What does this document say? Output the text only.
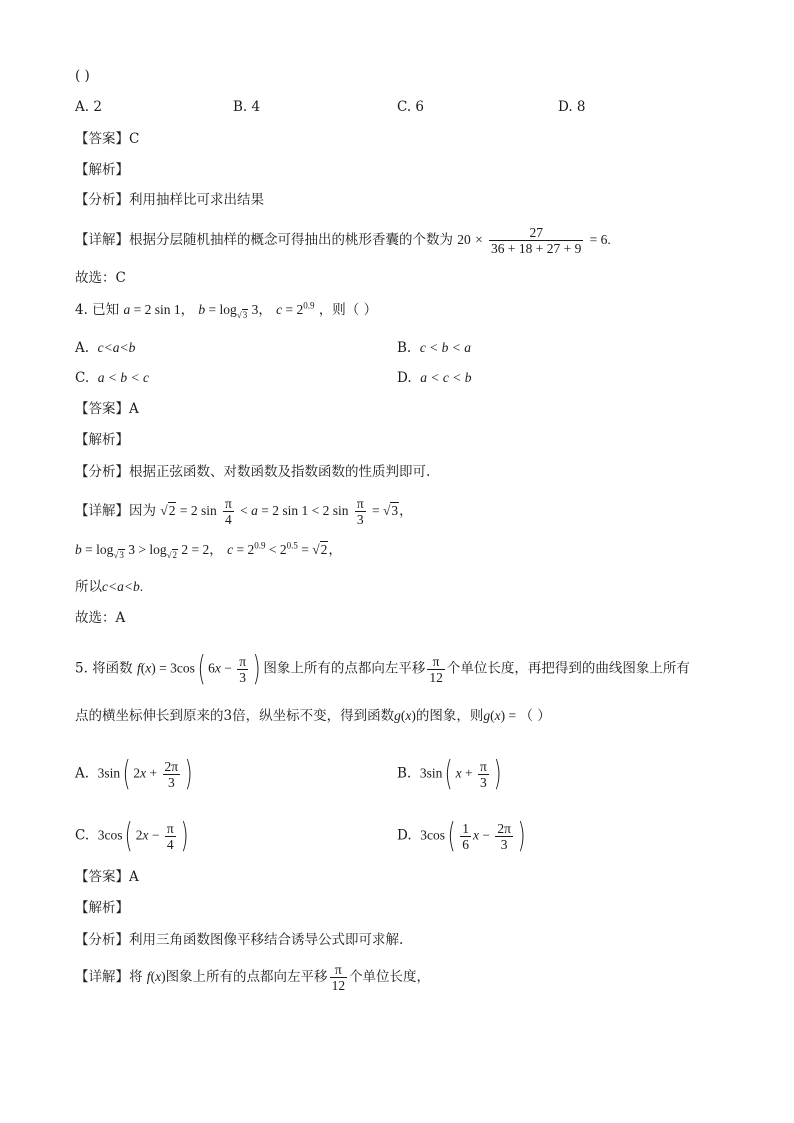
( )
A. 2	B. 4	C. 6	D. 8
【答案】C
【解析】
【分析】利用抽样比可求出结果
【详解】根据分层随机抽样的概念可得抽出的桃形香囊的个数为 $20 \times \frac{27}{36 + 18 + 27 + 9} = 6$.
故选：C
4. 已知 a = 2 sin 1， $b = \log_{√3} 3$， $c = 2^{0.9}$ ，则（ ）
A. c<a<b	B. c < b < a
C. a < b < c	D. a < c < b
【答案】A
【解析】
【分析】根据正弦函数、对数函数及指数函数的性质判即可.
【详解】因为 √2 = 2 $\sin \frac{\pi}{4} < a = 2$ sin 1 < 2 $\sin \frac{\pi}{3} = √3$，
$b = \log_{√3} 3 > \log_{√2} 2 = 2$， $c = 2^{0.9} < 2^{0.5} = √2$，
所以c<a<b.
故选：A
5. 将函数 f(x) = 3cos( $6x - \frac{\pi}{3}$ ) 图象上所有的点都向左平移 $\frac{\pi}{12}$ 个单位长度，再把得到的曲线图象上所有
点的横坐标伸长到原来的3倍，纵坐标不变，得到函数g(x)的图象，则g(x) = （ ）
A. 3sin( $2x + \frac{2\pi}{3}$ )	B. 3sin( $x + \frac{\pi}{3}$ )
C. 3cos( $2x - \frac{\pi}{4}$ )	D. $3\cos( \frac{1}{6}$ $x - \frac{2\pi}{3}$ )
【答案】A
【解析】
【分析】利用三角函数图像平移结合诱导公式即可求解.
【详解】将 f(x)图象上所有的点都向左平移 $\frac{\pi}{12}$ 个单位长度，
